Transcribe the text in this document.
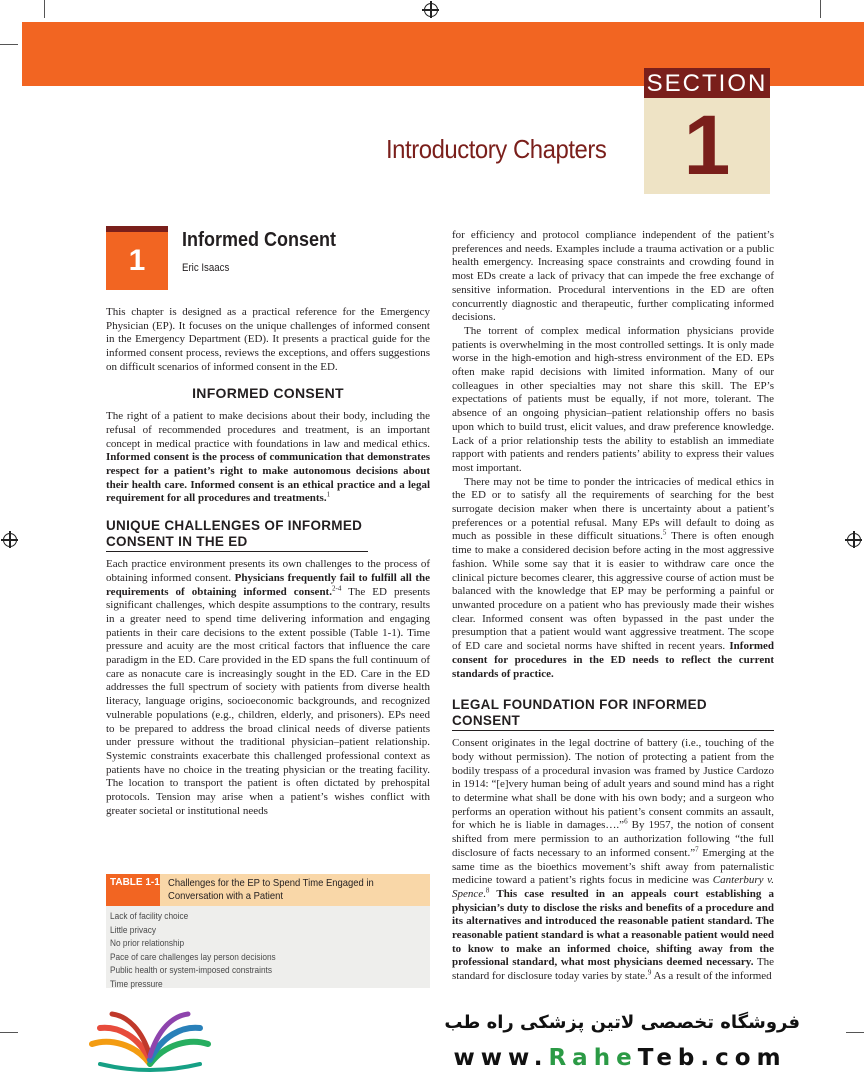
SECTION
1
Introductory Chapters
1
Informed Consent
Eric Isaacs

This chapter is designed as a practical reference for the Emergency Physician (EP). It focuses on the unique challenges of informed consent in the Emergency Department (ED). It presents a practical guide for the informed consent process, reviews the exceptions, and offers suggestions on difficult scenarios of informed consent in the ED.

INFORMED CONSENT

The right of a patient to make decisions about their body, including the refusal of recommended procedures and treatment, is an important concept in medical practice with foundations in law and medical ethics. Informed consent is the process of communication that demonstrates respect for a patient’s right to make autonomous decisions about their health care. Informed consent is an ethical practice and a legal requirement for all procedures and treatments.$^1$

UNIQUE CHALLENGES OF INFORMED CONSENT IN THE ED

Each practice environment presents its own challenges to the process of obtaining informed consent. Physicians frequently fail to fulfill all the requirements of obtaining informed consent.$^{2-4}$ The ED presents significant challenges, which despite assumptions to the contrary, results in a greater need to spend time delivering information and engaging patients in their care decisions to the extent possible (Table 1-1). Time pressure and acuity are the most critical factors that influence the care paradigm in the ED. Care provided in the ED spans the full continuum of care as nonacute care is increasingly sought in the ED. Care in the ED addresses the full spectrum of society with patients from diverse health literacy, language origins, socioeconomic backgrounds, and recognized vulnerable populations (e.g., children, elderly, and prisoners). EPs need to be prepared to address the broad clinical needs of diverse patients under pressure without the traditional physician–patient relationship. Systemic constraints exacerbate this challenged professional context as patients have no choice in the treating physician or the treating facility. The location to transport the patient is often dictated by prehospital protocols. Tension may arise when a patient’s wishes conflict with greater societal or institutional needs

TABLE 1-1 Challenges for the EP to Spend Time Engaged in Conversation with a Patient
Lack of facility choice
Little privacy
No prior relationship
Pace of care challenges lay person decisions
Public health or system-imposed constraints
Time pressure

for efficiency and protocol compliance independent of the patient’s preferences and needs. Examples include a trauma activation or a public health emergency. Increasing space constraints and crowding found in most EDs create a lack of privacy that can impede the free exchange of sensitive information. Procedural interventions in the ED are often concurrently diagnostic and therapeutic, further complicating informed decisions.

The torrent of complex medical information physicians provide patients is overwhelming in the most controlled settings. It is only made worse in the high-emotion and high-stress environment of the ED. EPs often make rapid decisions with limited information. Many of our colleagues in other specialties may not share this skill. The EP’s expectations of patients must be equally, if not more, tolerant. The absence of an ongoing physician–patient relationship offers no basis upon which to build trust, elicit values, and draw preference knowledge. Lack of a prior relationship tests the ability to establish an immediate rapport with patients and renders patients’ ability to express their values most important.

There may not be time to ponder the intricacies of medical ethics in the ED or to satisfy all the requirements of searching for the best surrogate decision maker when there is uncertainty about a patient’s preferences or a potential refusal. Many EPs will default to doing as much as possible in these difficult situations.$^5$ There is often enough time to make a considered decision before acting in the most aggressive fashion. While some say that it is easier to withdraw care once the clinical picture becomes clearer, this aggressive course of action must be balanced with the knowledge that EP may be performing a painful or unwanted procedure on a patient who has previously made their wishes clear. Informed consent was often bypassed in the past under the presumption that a patient would want aggressive treatment. The scope of ED care and societal norms have shifted in recent years. Informed consent for procedures in the ED needs to reflect the current standards of practice.

LEGAL FOUNDATION FOR INFORMED CONSENT

Consent originates in the legal doctrine of battery (i.e., touching of the body without permission). The notion of protecting a patient from the bodily trespass of a procedural invasion was framed by Justice Cardozo in 1914: “[e]very human being of adult years and sound mind has a right to determine what shall be done with his own body; and a surgeon who performs an operation without his patient’s consent commits an assault, for which he is liable in damages….”$^6$ By 1957, the notion of consent shifted from mere permission to an authorization following “the full disclosure of facts necessary to an informed consent.”$^7$ Emerging at the same time as the bioethics movement’s shift away from paternalistic medicine toward a patient’s rights focus in medicine was Canterbury v. Spence.$^8$ This case resulted in an appeals court establishing a physician’s duty to disclose the risks and benefits of a procedure and its alternatives and introduced the reasonable patient standard. The reasonable patient standard is what a reasonable patient would need to know to make an informed choice, shifting away from the professional standard, what most physicians deemed necessary. The standard for disclosure today varies by state.$^9$ As a result of the informed

فروشگاه تخصصی لاتین پزشکی راه طب
www.RaheTeb.com
